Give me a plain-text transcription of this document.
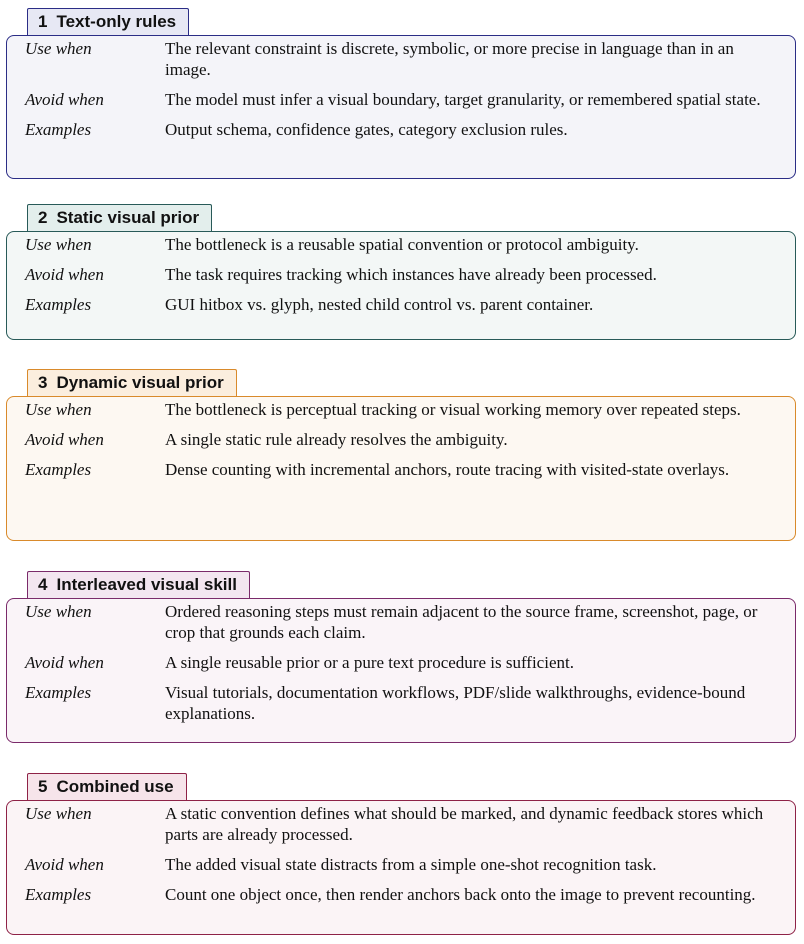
1 Text-only rules
Use when	The relevant constraint is discrete, symbolic, or more precise in language than in an image.
Avoid when	The model must infer a visual boundary, target granularity, or remembered spatial state.
Examples	Output schema, confidence gates, category exclusion rules.
2 Static visual prior
Use when	The bottleneck is a reusable spatial convention or protocol ambiguity.
Avoid when	The task requires tracking which instances have already been processed.
Examples	GUI hitbox vs. glyph, nested child control vs. parent container.
3 Dynamic visual prior
Use when	The bottleneck is perceptual tracking or visual working memory over repeated steps.
Avoid when	A single static rule already resolves the ambiguity.
Examples	Dense counting with incremental anchors, route tracing with visited-state overlays.
4 Interleaved visual skill
Use when	Ordered reasoning steps must remain adjacent to the source frame, screenshot, page, or crop that grounds each claim.
Avoid when	A single reusable prior or a pure text procedure is sufficient.
Examples	Visual tutorials, documentation workflows, PDF/slide walkthroughs, evidence-bound explanations.
5 Combined use
Use when	A static convention defines what should be marked, and dynamic feedback stores which parts are already processed.
Avoid when	The added visual state distracts from a simple one-shot recognition task.
Examples	Count one object once, then render anchors back onto the image to prevent recounting.
